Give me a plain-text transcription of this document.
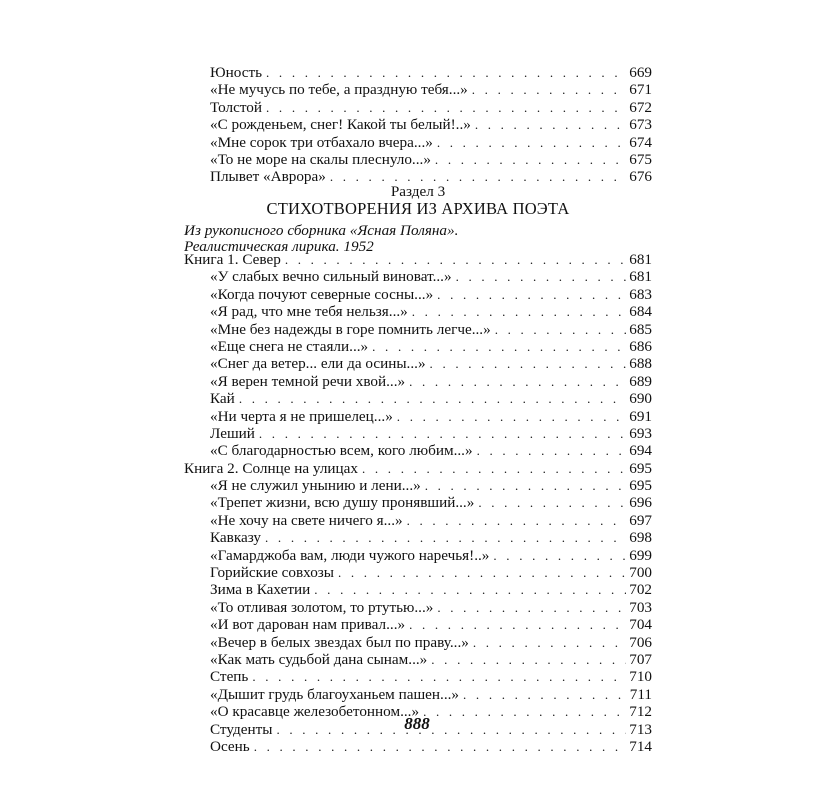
Юность . . .	669
«Не мучусь по тебе, а праздную тебя...» . . .	671
Толстой . . .	672
«С рожденьем, снег! Какой ты белый!..» . . .	673
«Мне сорок три отбахало вчера...» . . .	674
«То не море на скалы плеснуло...» . . .	675
Плывет «Аврора» . . .	676
Раздел 3
СТИХОТВОРЕНИЯ ИЗ АРХИВА ПОЭТА
Из рукописного сборника «Ясная Поляна».
Реалистическая лирика. 1952
Книга 1. Север . . .	681
«У слабых вечно сильный виноват...» . . .	681
«Когда почуют северные сосны...» . . .	683
«Я рад, что мне тебя нельзя...» . . .	684
«Мне без надежды в горе помнить легче...» . . .	685
«Еще снега не стаяли...» . . .	686
«Снег да ветер... ели да осины...» . . .	688
«Я верен темной речи хвой...» . . .	689
Кай . . .	690
«Ни черта я не пришелец...» . . .	691
Леший . . .	693
«С благодарностью всем, кого любим...» . . .	694
Книга 2. Солнце на улицах . . .	695
«Я не служил унынию и лени...» . . .	695
«Трепет жизни, всю душу пронявший...» . . .	696
«Не хочу на свете ничего я...» . . .	697
Кавказу . . .	698
«Гамарджоба вам, люди чужого наречья!..» . . .	699
Горийские совхозы . . .	700
Зима в Кахетии . . .	702
«То отливая золотом, то ртутью...» . . .	703
«И вот дарован нам привал...» . . .	704
«Вечер в белых звездах был по праву...» . . .	706
«Как мать судьбой дана сынам...» . . .	707
Степь . . .	710
«Дышит грудь благоуханьем пашен...» . . .	711
«О красавце железобетонном...» . . .	712
Студенты . . .	713
Осень . . .	714
888
